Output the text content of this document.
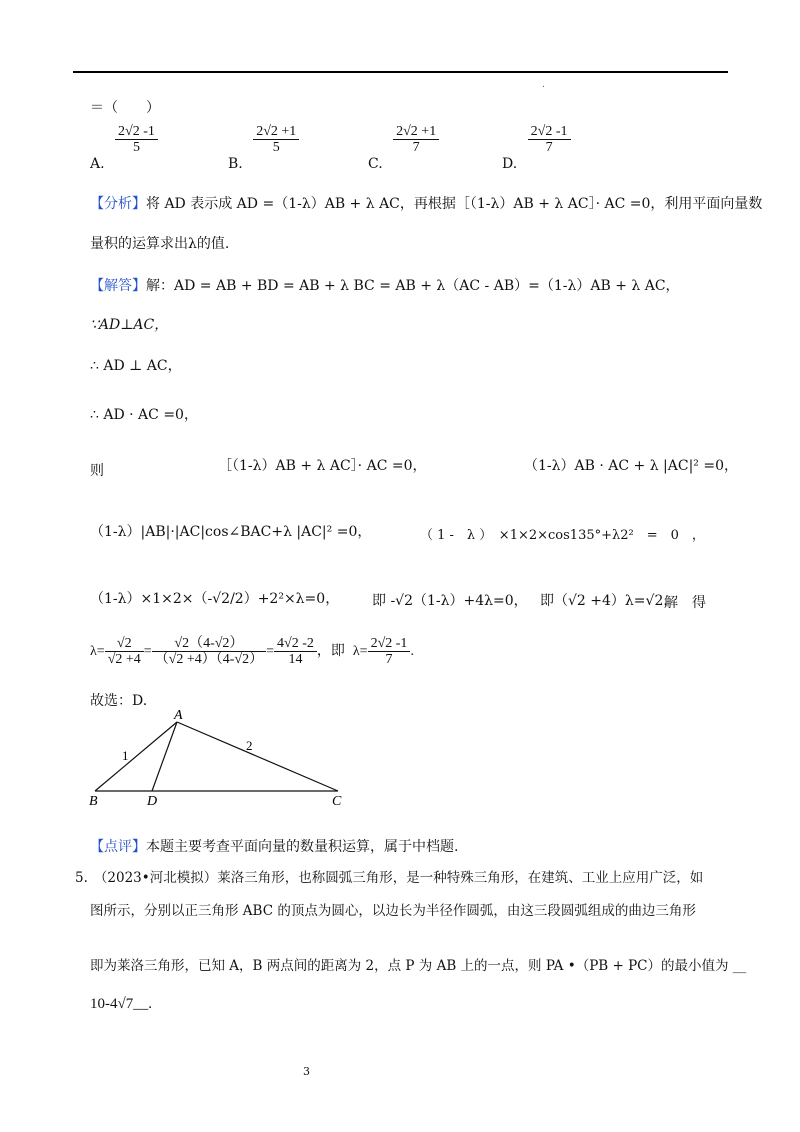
.
＝（　　）
A.
$\frac{2√2 -1}{5}$
B.
$\frac{2√2 +1}{5}$
C.
$\frac{2√2 +1}{7}$
D.
$\frac{2√2 -1}{7}$
【分析】将 AD 表示成 AD =（1-λ）AB + λ AC，再根据［（1-λ）AB + λ AC］· AC =0，利用平面向量数
量积的运算求出λ的值.
【解答】解：AD = AB + BD = AB + λ BC = AB + λ（AC - AB）=（1-λ）AB + λ AC，
∵AD⊥AC，
∴ AD ⊥ AC，
∴ AD · AC =0，
则	［（1-λ）AB + λ AC］· AC =0，	（1-λ）AB · AC + λ |AC|² =0，
（1-λ）|AB|·|AC|cos∠BAC+λ |AC|² =0，	（ 1 -　λ ）　×1×2×cos135°+λ2²　=　0　，
（1-λ）×1×2×（-√2/2）+2²×λ=0， 即 -√2（1-λ）+4λ=0， 即（√2 +4）λ=√2，
解　得
$\lambda= \frac{√2}{√2 +4} = \frac{√2(4-√2)}{(√2 +4)(4-√2)} = \frac{4√2 -2}{14}$ ，即 $\lambda= \frac{2√2 -1}{7}$ .
故选：D.
A
B	D	C
1
2
【点评】本题主要考查平面向量的数量积运算，属于中档题.
5. （2023•河北模拟）莱洛三角形，也称圆弧三角形，是一种特殊三角形，在建筑、工业上应用广泛，如
图所示，分别以正三角形 ABC 的顶点为圆心，以边长为半径作圆弧，由这三段圆弧组成的曲边三角形
即为莱洛三角形，已知 A，B 两点间的距离为 2，点 P 为 AB 上的一点，则 PA •（PB + PC）的最小值为 __
10-4√7__.
3
